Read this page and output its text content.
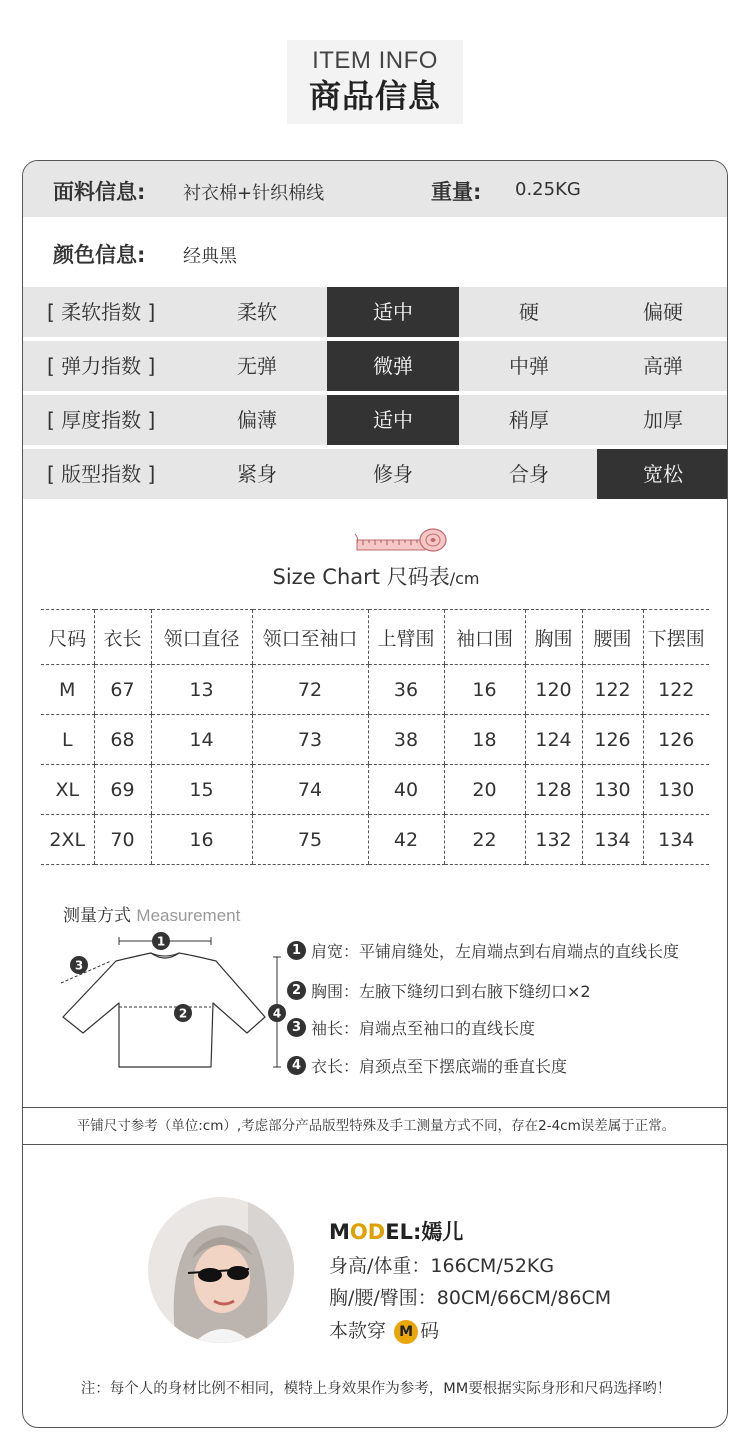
ITEM INFO
商品信息
面料信息: 衬衣棉+针织棉线	重量: 0.25KG
颜色信息: 经典黑
[ 柔软指数 ]	柔软	适中	硬	偏硬
[ 弹力指数 ]	无弹	微弹	中弹	高弹
[ 厚度指数 ]	偏薄	适中	稍厚	加厚
[ 版型指数 ]	紧身	修身	合身	宽松
Size Chart 尺码表/cm
尺码	衣长	领口直径	领口至袖口	上臂围	袖口围	胸围	腰围	下摆围
M	67	13	72	36	16	120	122	122
L	68	14	73	38	18	124	126	126
XL	69	15	74	40	20	128	130	130
2XL	70	16	75	42	22	132	134	134
测量方式 Measurement
1
3
2	4
1 肩宽：平铺肩缝处，左肩端点到右肩端点的直线长度
2 胸围：左腋下缝纫口到右腋下缝纫口×2
3 袖长：肩端点至袖口的直线长度
4 衣长：肩颈点至下摆底端的垂直长度
平铺尺寸参考（单位:cm）,考虑部分产品版型特殊及手工测量方式不同，存在2-4cm误差属于正常。
MODEL:嫣儿
身高/体重：166CM/52KG
胸/腰/臀围：80CM/66CM/86CM
本款穿 M 码
注：每个人的身材比例不相同，模特上身效果作为参考，MM要根据实际身形和尺码选择哟！
